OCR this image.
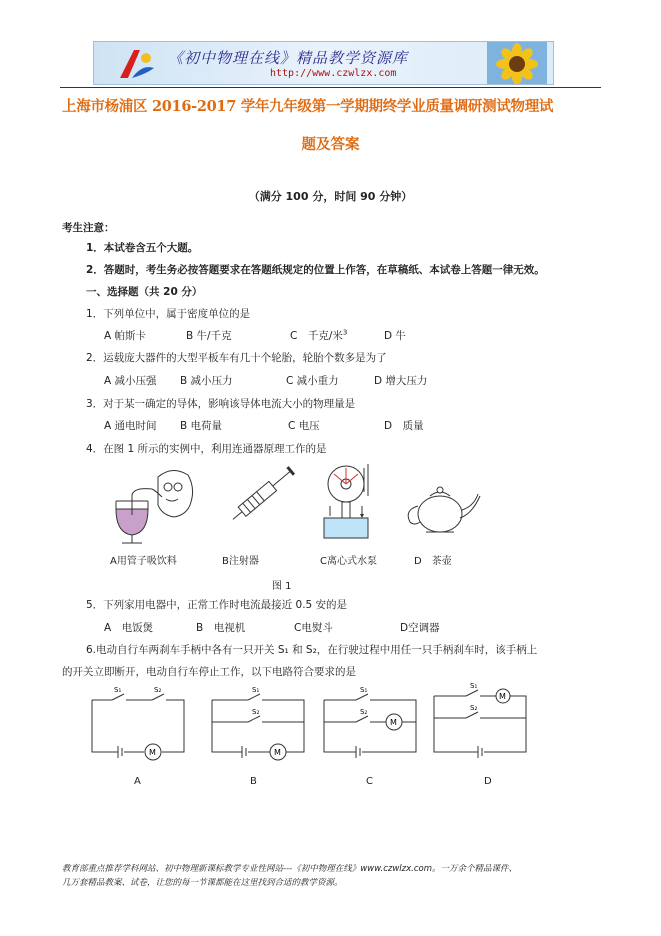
《初中物理在线》精品教学资源库
http://www.czwlzx.com
上海市杨浦区 2016-2017 学年九年级第一学期期终学业质量调研测试物理试
题及答案
（满分 100 分，时间 90 分钟）
考生注意：
1．本试卷含五个大题。
2．答题时，考生务必按答题要求在答题纸规定的位置上作答，在草稿纸、本试卷上答题一律无效。
一、选择题（共 20 分）
1．下列单位中，属于密度单位的是
A 帕斯卡	B 牛/千克	C　千克/米$^3$	D 牛
2．运载庞大器件的大型平板车有几十个轮胎，轮胎个数多是为了
A 减小压强 B 减小压力	C 减小重力	D 增大压力
3．对于某一确定的导体，影响该导体电流大小的物理量是
A 通电时间 B 电荷量	C 电压	D　质量
4．在图 1 所示的实例中，利用连通器原理工作的是
A用管子吸饮料	B注射器	C离心式水泵	D　茶壶
图 1
5．下列家用电器中，正常工作时电流最接近 0.5 安的是
A　电饭煲	B　电视机	C电熨斗	D空调器
6.电动自行车两刹车手柄中各有一只开关 S₁ 和 S₂，在行驶过程中用任一只手柄刹车时，该手柄上
的开关立即断开，电动自行车停止工作，以下电路符合要求的是
S₁	S₂
M
S₁
S₂
M
S₁
S₂
M
S₁
S₂
M
A	B	C	D
教育部重点推荐学科网站、初中物理新课标教学专业性网站---《初中物理在线》www.czwlzx.com。一万余个精品课件、
几万套精品教案、试卷，让您的每一节课都能在这里找到合适的教学资源。
